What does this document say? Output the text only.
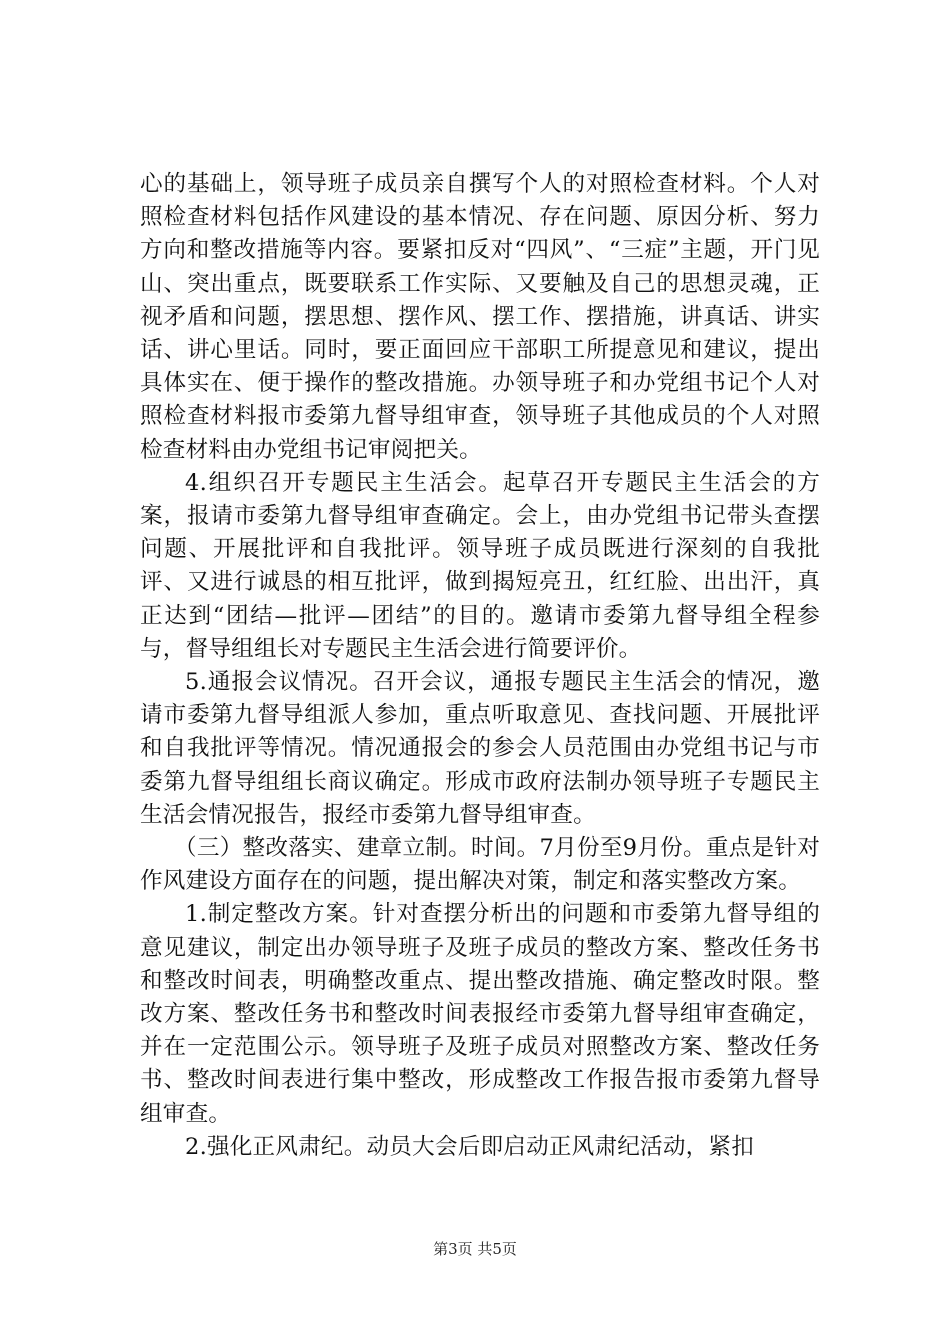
心的基础上，领导班子成员亲自撰写个人的对照检查材料。个人对照检查材料包括作风建设的基本情况、存在问题、原因分析、努力方向和整改措施等内容。要紧扣反对“四风”、“三症”主题，开门见山、突出重点，既要联系工作实际、又要触及自己的思想灵魂，正视矛盾和问题，摆思想、摆作风、摆工作、摆措施，讲真话、讲实话、讲心里话。同时，要正面回应干部职工所提意见和建议，提出具体实在、便于操作的整改措施。办领导班子和办党组书记个人对照检查材料报市委第九督导组审查，领导班子其他成员的个人对照检查材料由办党组书记审阅把关。

4.组织召开专题民主生活会。起草召开专题民主生活会的方案，报请市委第九督导组审查确定。会上，由办党组书记带头查摆问题、开展批评和自我批评。领导班子成员既进行深刻的自我批评、又进行诚恳的相互批评，做到揭短亮丑，红红脸、出出汗，真正达到“团结—批评—团结”的目的。邀请市委第九督导组全程参与，督导组组长对专题民主生活会进行简要评价。

5.通报会议情况。召开会议，通报专题民主生活会的情况，邀请市委第九督导组派人参加，重点听取意见、查找问题、开展批评和自我批评等情况。情况通报会的参会人员范围由办党组书记与市委第九督导组组长商议确定。形成市政府法制办领导班子专题民主生活会情况报告，报经市委第九督导组审查。

（三）整改落实、建章立制。时间。7月份至9月份。重点是针对作风建设方面存在的问题，提出解决对策，制定和落实整改方案。

1.制定整改方案。针对查摆分析出的问题和市委第九督导组的意见建议，制定出办领导班子及班子成员的整改方案、整改任务书和整改时间表，明确整改重点、提出整改措施、确定整改时限。整改方案、整改任务书和整改时间表报经市委第九督导组审查确定，并在一定范围公示。领导班子及班子成员对照整改方案、整改任务书、整改时间表进行集中整改，形成整改工作报告报市委第九督导组审查。

2.强化正风肃纪。动员大会后即启动正风肃纪活动，紧扣

第3页 共5页
